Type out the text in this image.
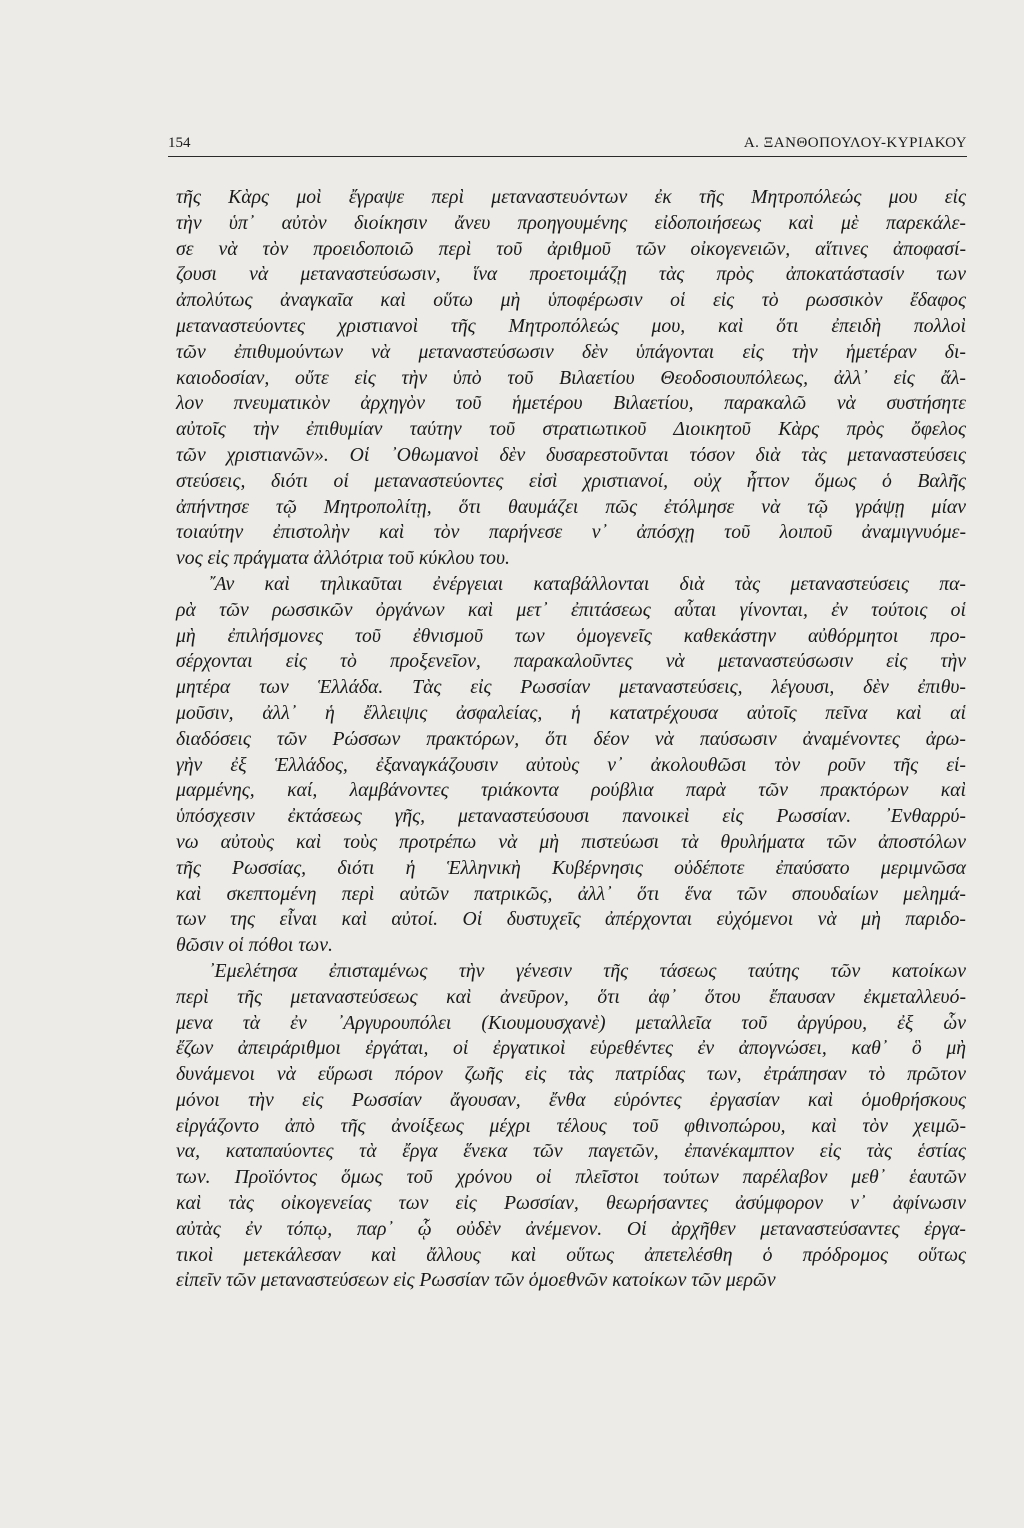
154	Α. ΞΑΝΘΟΠΟΥΛΟΥ-ΚΥΡΙΑΚΟΥ
τῆς Κὰρς μοὶ ἔγραψε περὶ μεταναστευόντων ἐκ τῆς Μητροπόλεώς μου εἰς
τὴν ὑπ᾽ αὐτὸν διοίκησιν ἄνευ προηγουμένης εἰδοποιήσεως καὶ μὲ παρεκάλε-
σε νὰ τὸν προειδοποιῶ περὶ τοῦ ἀριθμοῦ τῶν οἰκογενειῶν, αἵτινες ἀποφασί-
ζουσι νὰ μεταναστεύσωσιν, ἵνα προετοιμάζῃ τὰς πρὸς ἀποκατάστασίν των
ἀπολύτως ἀναγκαῖα καὶ οὕτω μὴ ὑποφέρωσιν οἱ εἰς τὸ ρωσσικὸν ἔδαφος
μεταναστεύοντες χριστιανοὶ τῆς Μητροπόλεώς μου, καὶ ὅτι ἐπειδὴ πολλοὶ
τῶν ἐπιθυμούντων νὰ μεταναστεύσωσιν δὲν ὑπάγονται εἰς τὴν ἡμετέραν δι-
καιοδοσίαν, οὔτε εἰς τὴν ὑπὸ τοῦ Βιλαετίου Θεοδοσιουπόλεως, ἀλλ᾽ εἰς ἄλ-
λον πνευματικὸν ἀρχηγὸν τοῦ ἡμετέρου Βιλαετίου, παρακαλῶ νὰ συστήσητε
αὐτοῖς τὴν ἐπιθυμίαν ταύτην τοῦ στρατιωτικοῦ Διοικητοῦ Κὰρς πρὸς ὄφελος
τῶν χριστιανῶν». Οἱ ᾽Οθωμανοὶ δὲν δυσαρεστοῦνται τόσον διὰ τὰς μεταναστεύσεις
στεύσεις, διότι οἱ μεταναστεύοντες εἰσὶ χριστιανοί, οὐχ ἧττον ὅμως ὁ Βαλῆς
ἀπήντησε τῷ Μητροπολίτῃ, ὅτι θαυμάζει πῶς ἐτόλμησε νὰ τῷ γράψῃ μίαν
τοιαύτην ἐπιστολὴν καὶ τὸν παρήνεσε ν᾽ ἀπόσχῃ τοῦ λοιποῦ ἀναμιγνυόμε-
νος εἰς πράγματα ἀλλότρια τοῦ κύκλου του.
῎Αν καὶ τηλικαῦται ἐνέργειαι καταβάλλονται διὰ τὰς μεταναστεύσεις πα-
ρὰ τῶν ρωσσικῶν ὀργάνων καὶ μετ᾽ ἐπιτάσεως αὗται γίνονται, ἐν τούτοις οἱ
μὴ ἐπιλήσμονες τοῦ ἐθνισμοῦ των ὁμογενεῖς καθεκάστην αὐθόρμητοι προ-
σέρχονται εἰς τὸ προξενεῖον, παρακαλοῦντες νὰ μεταναστεύσωσιν εἰς τὴν
μητέρα των Ἑλλάδα. Τὰς εἰς Ρωσσίαν μεταναστεύσεις, λέγουσι, δὲν ἐπιθυ-
μοῦσιν, ἀλλ᾽ ἡ ἔλλειψις ἀσφαλείας, ἡ κατατρέχουσα αὐτοῖς πεῖνα καὶ αἱ
διαδόσεις τῶν Ρώσσων πρακτόρων, ὅτι δέον νὰ παύσωσιν ἀναμένοντες ἀρω-
γὴν ἐξ Ἑλλάδος, ἐξαναγκάζουσιν αὐτοὺς ν᾽ ἀκολουθῶσι τὸν ροῦν τῆς εἱ-
μαρμένης, καί, λαμβάνοντες τριάκοντα ρούβλια παρὰ τῶν πρακτόρων καὶ
ὑπόσχεσιν ἐκτάσεως γῆς, μεταναστεύσουσι πανοικεὶ εἰς Ρωσσίαν. ᾽Ενθαρρύ-
νω αὐτοὺς καὶ τοὺς προτρέπω νὰ μὴ πιστεύωσι τὰ θρυλήματα τῶν ἀποστόλων
τῆς Ρωσσίας, διότι ἡ Ἑλληνικὴ Κυβέρνησις οὐδέποτε ἐπαύσατο μεριμνῶσα
καὶ σκεπτομένη περὶ αὐτῶν πατρικῶς, ἀλλ᾽ ὅτι ἕνα τῶν σπουδαίων μελημά-
των της εἶναι καὶ αὐτοί. Οἱ δυστυχεῖς ἀπέρχονται εὐχόμενοι νὰ μὴ παριδο-
θῶσιν οἱ πόθοι των.
᾽Εμελέτησα ἐπισταμένως τὴν γένεσιν τῆς τάσεως ταύτης τῶν κατοίκων
περὶ τῆς μεταναστεύσεως καὶ ἀνεῦρον, ὅτι ἀφ᾽ ὅτου ἔπαυσαν ἐκμεταλλευό-
μενα τὰ ἐν ᾽Αργυρουπόλει (Κιουμουσχανὲ) μεταλλεῖα τοῦ ἀργύρου, ἐξ ὧν
ἔζων ἀπειράριθμοι ἐργάται, οἱ ἐργατικοὶ εὑρεθέντες ἐν ἀπογνώσει, καθ᾽ ὃ μὴ
δυνάμενοι νὰ εὕρωσι πόρον ζωῆς εἰς τὰς πατρίδας των, ἐτράπησαν τὸ πρῶτον
μόνοι τὴν εἰς Ρωσσίαν ἄγουσαν, ἔνθα εὑρόντες ἐργασίαν καὶ ὁμοθρήσκους
εἰργάζοντο ἀπὸ τῆς ἀνοίξεως μέχρι τέλους τοῦ φθινοπώρου, καὶ τὸν χειμῶ-
να, καταπαύοντες τὰ ἔργα ἕνεκα τῶν παγετῶν, ἐπανέκαμπτον εἰς τὰς ἑστίας
των. Προϊόντος ὅμως τοῦ χρόνου οἱ πλεῖστοι τούτων παρέλαβον μεθ᾽ ἑαυτῶν
καὶ τὰς οἰκογενείας των εἰς Ρωσσίαν, θεωρήσαντες ἀσύμφορον ν᾽ ἀφίνωσιν
αὐτὰς ἐν τόπῳ, παρ᾽ ᾧ οὐδὲν ἀνέμενον. Οἱ ἀρχῆθεν μεταναστεύσαντες ἐργα-
τικοὶ μετεκάλεσαν καὶ ἄλλους καὶ οὕτως ἀπετελέσθη ὁ πρόδρομος οὕτως
εἰπεῖν τῶν μεταναστεύσεων εἰς Ρωσσίαν τῶν ὁμοεθνῶν κατοίκων τῶν μερῶν
